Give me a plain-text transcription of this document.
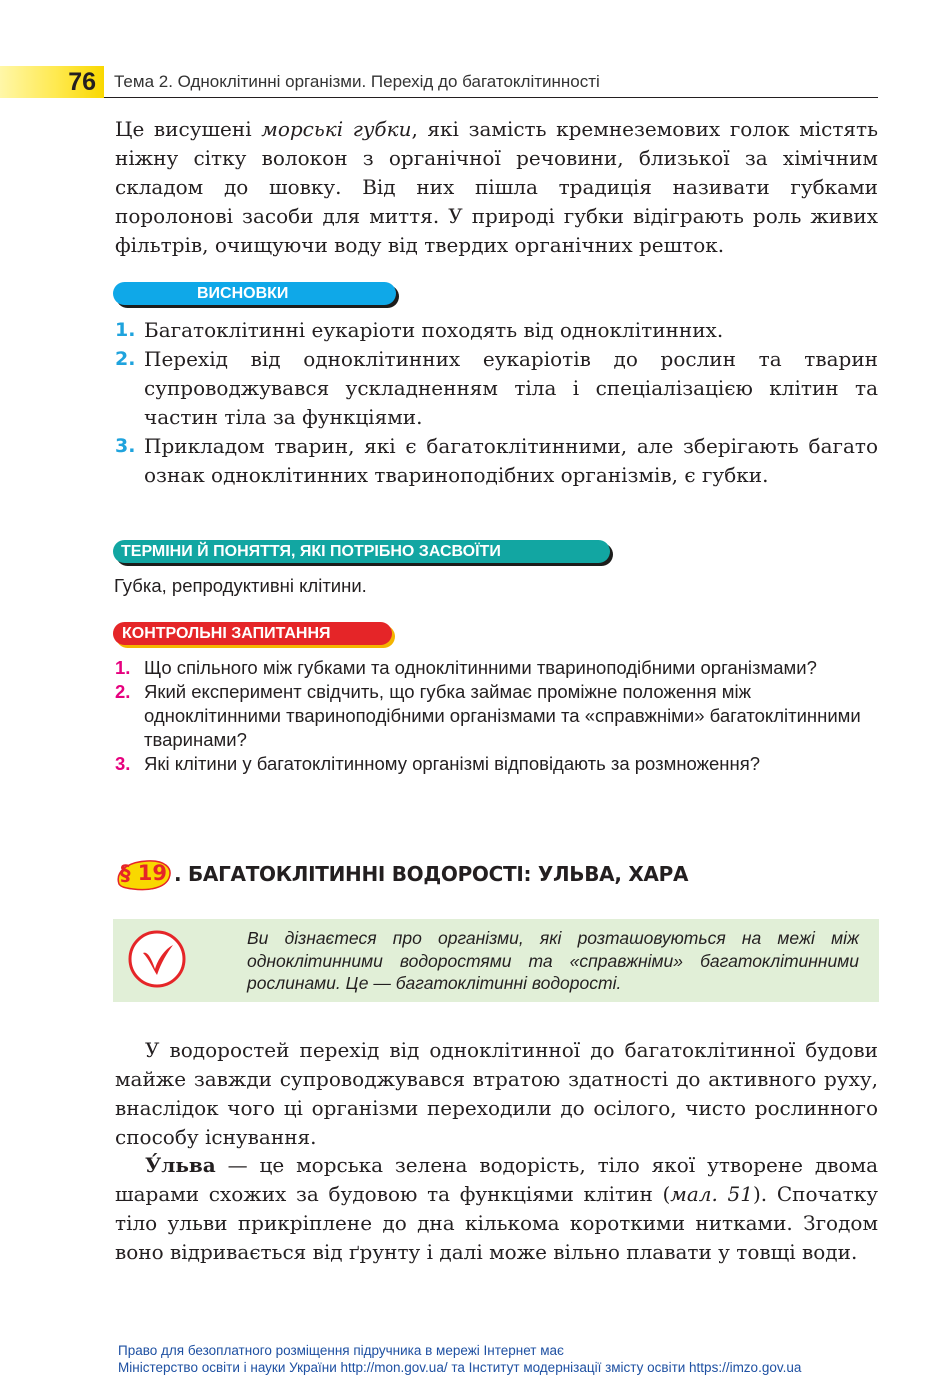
76 Тема 2. Одноклітинні організми. Перехід до багатоклітинності
Це висушені морські губки, які замість кремнеземових голок містять ніжну сітку волокон з органічної речовини, близької за хімічним складом до шовку. Від них пішла традиція називати губками поролонові засоби для миття. У природі губки відіграють роль живих фільтрів, очищуючи воду від твердих органічних решток.
ВИСНОВКИ
1. Багатоклітинні еукаріоти походять від одноклітинних.
2. Перехід від одноклітинних еукаріотів до рослин та тварин супроводжувався ускладненням тіла і спеціалізацією клітин та частин тіла за функціями.
3. Прикладом тварин, які є багатоклітинними, але зберігають багато ознак одноклітинних твариноподібних організмів, є губки.
ТЕРМІНИ Й ПОНЯТТЯ, ЯКІ ПОТРІБНО ЗАСВОЇТИ
Губка, репродуктивні клітини.
КОНТРОЛЬНІ ЗАПИТАННЯ
1. Що спільного між губками та одноклітинними твариноподібними організмами?
2. Який експеримент свідчить, що губка займає проміжне положення між одноклітинними твариноподібними організмами та «справжніми» багатоклітинними тваринами?
3. Які клітини у багатоклітинному організмі відповідають за розмноження?
§ 19 . БАГАТОКЛІТИННІ ВОДОРОСТІ: УЛЬВА, ХАРА
Ви дізнаєтеся про організми, які розташовуються на межі між одноклітинними водоростями та «справжніми» багатоклітинними рослинами. Це — багатоклітинні водорості.
У водоростей перехід від одноклітинної до багатоклітинної будови майже завжди супроводжувався втратою здатності до активного руху, внаслідок чого ці організми переходили до осілого, чисто рослинного способу існування.
У́льва — це морська зелена водорість, тіло якої утворене двома шарами схожих за будовою та функціями клітин (мал. 51). Спочатку тіло ульви прикріплене до дна кількома короткими нитками. Згодом воно відривається від ґрунту і далі може вільно плавати у товщі води.
Право для безоплатного розміщення підручника в мережі Інтернет має
Міністерство освіти і науки України http://mon.gov.ua/ та Інститут модернізації змісту освіти https://imzo.gov.ua
